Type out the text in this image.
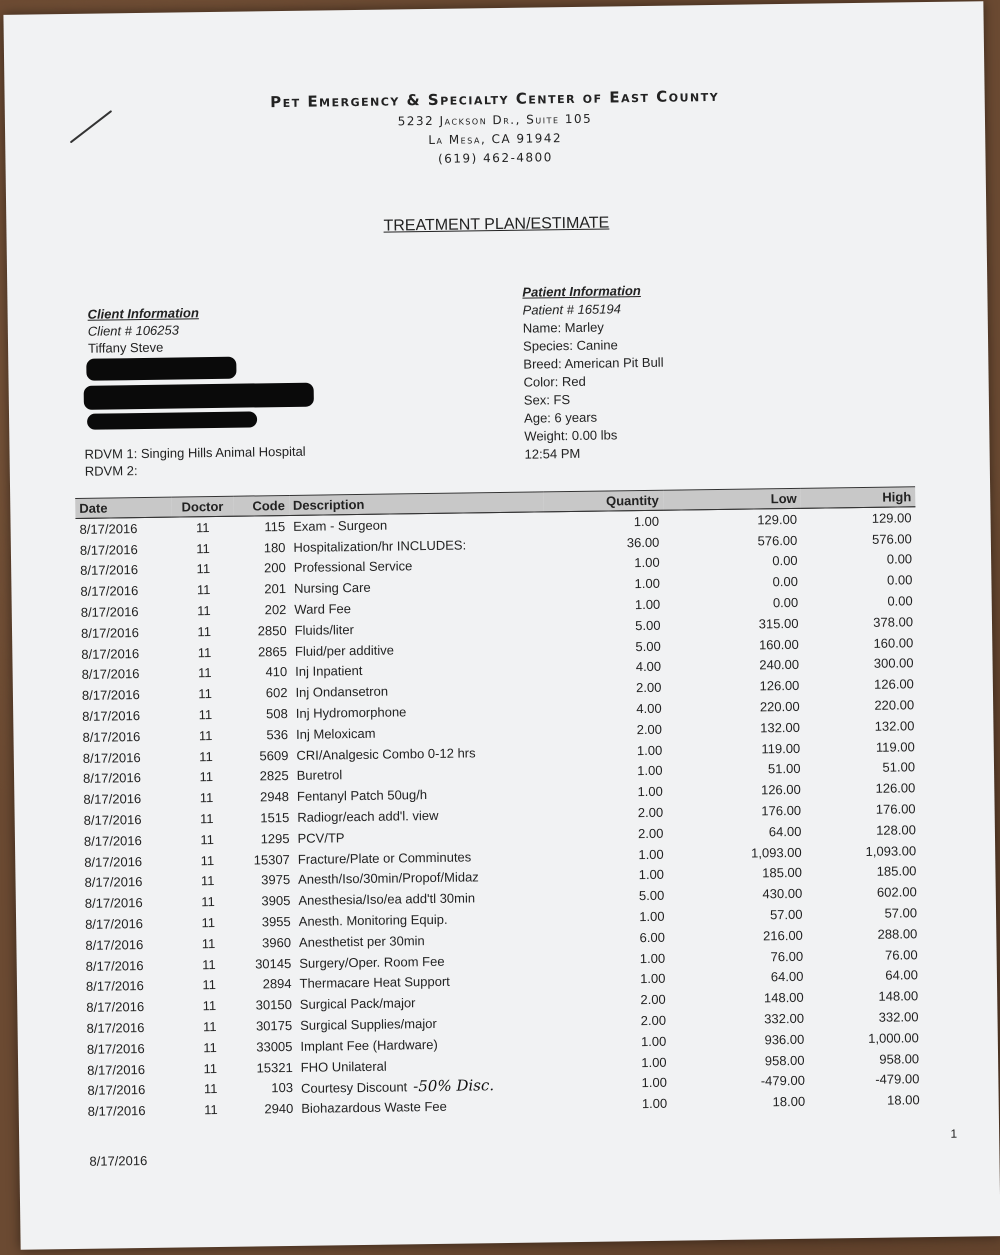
Pet Emergency & Specialty Center of East County
5232 Jackson Dr., Suite 105
La Mesa, CA 91942
(619) 462-4800
TREATMENT PLAN/ESTIMATE
Client Information
Client # 106253
Tiffany Steve
RDVM 1: Singing Hills Animal Hospital
RDVM 2:
Patient Information
Patient # 165194
Name: Marley
Species: Canine
Breed: American Pit Bull
Color: Red
Sex: FS
Age: 6 years
Weight: 0.00 lbs
12:54 PM
Date	Doctor	Code	Description	Quantity	Low	High
8/17/2016	11	115	Exam - Surgeon	1.00	129.00	129.00
8/17/2016	11	180	Hospitalization/hr INCLUDES:	36.00	576.00	576.00
8/17/2016	11	200	Professional Service	1.00	0.00	0.00
8/17/2016	11	201	Nursing Care	1.00	0.00	0.00
8/17/2016	11	202	Ward Fee	1.00	0.00	0.00
8/17/2016	11	2850	Fluids/liter	5.00	315.00	378.00
8/17/2016	11	2865	Fluid/per additive	5.00	160.00	160.00
8/17/2016	11	410	Inj Inpatient	4.00	240.00	300.00
8/17/2016	11	602	Inj Ondansetron	2.00	126.00	126.00
8/17/2016	11	508	Inj Hydromorphone	4.00	220.00	220.00
8/17/2016	11	536	Inj Meloxicam	2.00	132.00	132.00
8/17/2016	11	5609	CRI/Analgesic Combo 0-12 hrs	1.00	119.00	119.00
8/17/2016	11	2825	Buretrol	1.00	51.00	51.00
8/17/2016	11	2948	Fentanyl Patch 50ug/h	1.00	126.00	126.00
8/17/2016	11	1515	Radiogr/each add'l. view	2.00	176.00	176.00
8/17/2016	11	1295	PCV/TP	2.00	64.00	128.00
8/17/2016	11	15307	Fracture/Plate or Comminutes	1.00	1,093.00	1,093.00
8/17/2016	11	3975	Anesth/Iso/30min/Propof/Midaz	1.00	185.00	185.00
8/17/2016	11	3905	Anesthesia/Iso/ea add'tl 30min	5.00	430.00	602.00
8/17/2016	11	3955	Anesth. Monitoring Equip.	1.00	57.00	57.00
8/17/2016	11	3960	Anesthetist per 30min	6.00	216.00	288.00
8/17/2016	11	30145	Surgery/Oper. Room Fee	1.00	76.00	76.00
8/17/2016	11	2894	Thermacare Heat Support	1.00	64.00	64.00
8/17/2016	11	30150	Surgical Pack/major	2.00	148.00	148.00
8/17/2016	11	30175	Surgical Supplies/major	2.00	332.00	332.00
8/17/2016	11	33005	Implant Fee (Hardware)	1.00	936.00	1,000.00
8/17/2016	11	15321	FHO Unilateral	1.00	958.00	958.00
8/17/2016	11	103	Courtesy Discount -50% Disc.	1.00	-479.00	-479.00
8/17/2016	11	2940	Biohazardous Waste Fee	1.00	18.00	18.00
8/17/2016
1
